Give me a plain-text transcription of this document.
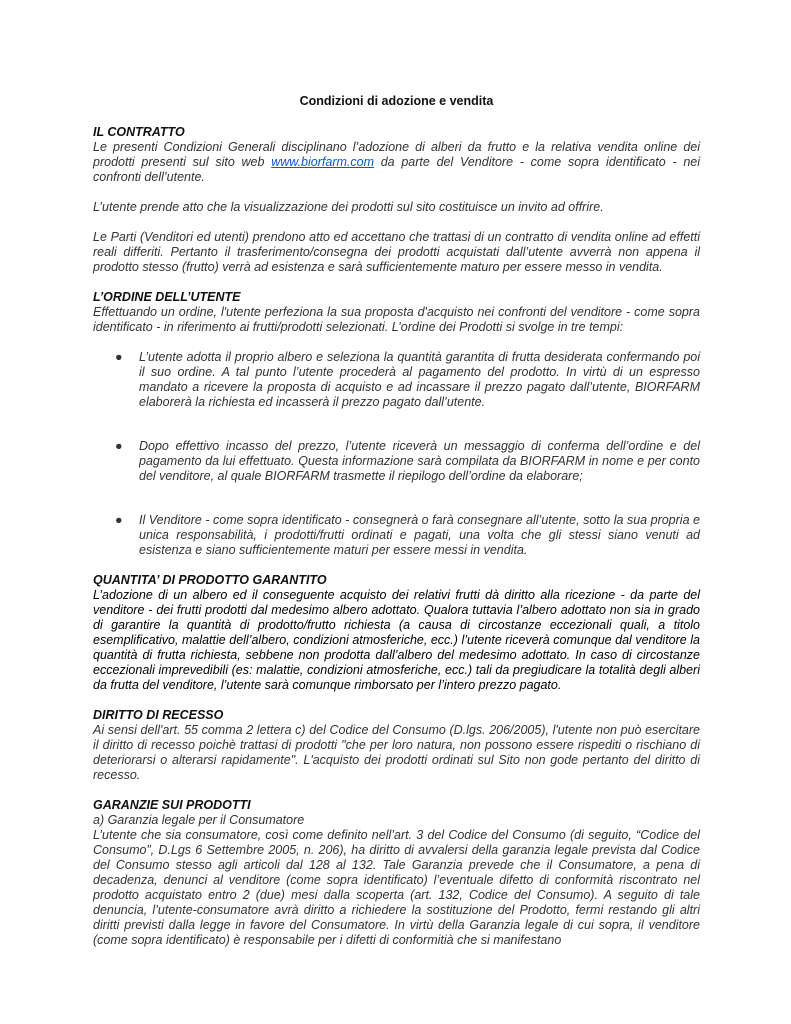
Condizioni di adozione e vendita
IL CONTRATTO

Le presenti Condizioni Generali disciplinano l’adozione di alberi da frutto e la relativa vendita online dei prodotti presenti sul sito web www.biorfarm.com da parte del Venditore - come sopra identificato - nei confronti dell’utente.

L’utente prende atto che la visualizzazione dei prodotti sul sito costituisce un invito ad offrire.

Le Parti (Venditori ed utenti) prendono atto ed accettano che trattasi di un contratto di vendita online ad effetti reali differiti. Pertanto il trasferimento/consegna dei prodotti acquistati dall’utente avverrà non appena il prodotto stesso (frutto) verrà ad esistenza e sarà sufficientemente maturo per essere messo in vendita.

L’ORDINE DELL’UTENTE

Effettuando un ordine, l'utente perfeziona la sua proposta d'acquisto nei confronti del venditore - come sopra identificato - in riferimento ai frutti/prodotti selezionati. L’ordine dei Prodotti si svolge in tre tempi:

● L’utente adotta il proprio albero e seleziona la quantità garantita di frutta desiderata confermando poi il suo ordine. A tal punto l’utente procederà al pagamento del prodotto. In virtù di un espresso mandato a ricevere la proposta di acquisto e ad incassare il prezzo pagato dall’utente, BIORFARM elaborerà la richiesta ed incasserà il prezzo pagato dall’utente.
● Dopo effettivo incasso del prezzo, l’utente riceverà un messaggio di conferma dell’ordine e del pagamento da lui effettuato. Questa informazione sarà compilata da BIORFARM in nome e per conto del venditore, al quale BIORFARM trasmette il riepilogo dell’ordine da elaborare;
● Il Venditore - come sopra identificato - consegnerà o farà consegnare all’utente, sotto la sua propria e unica responsabilità, i prodotti/frutti ordinati e pagati, una volta che gli stessi siano venuti ad esistenza e siano sufficientemente maturi per essere messi in vendita.
QUANTITA’ DI PRODOTTO GARANTITO

L’adozione di un albero ed il conseguente acquisto dei relativi frutti dà diritto alla ricezione - da parte del venditore - dei frutti prodotti dal medesimo albero adottato. Qualora tuttavia l’albero adottato non sia in grado di garantire la quantità di prodotto/frutto richiesta (a causa di circostanze eccezionali quali, a titolo esemplificativo, malattie dell’albero, condizioni atmosferiche, ecc.) l’utente riceverà comunque dal venditore la quantità di frutta richiesta, sebbene non prodotta dall’albero del medesimo adottato. In caso di circostanze eccezionali imprevedibili (es: malattie, condizioni atmosferiche, ecc.) tali da pregiudicare la totalità degli alberi da frutta del venditore, l’utente sarà comunque rimborsato per l’intero prezzo pagato.

DIRITTO DI RECESSO

Ai sensi dell'art. 55 comma 2 lettera c) del Codice del Consumo (D.lgs. 206/2005), l'utente non può esercitare il diritto di recesso poichè trattasi di prodotti "che per loro natura, non possono essere rispediti o rischiano di deteriorarsi o alterarsi rapidamente". L'acquisto dei prodotti ordinati sul Sito non gode pertanto del diritto di recesso.

GARANZIE SUI PRODOTTI

a) Garanzia legale per il Consumatore

L’utente che sia consumatore, così come definito nell’art. 3 del Codice del Consumo (di seguito, “Codice del Consumo”, D.Lgs 6 Settembre 2005, n. 206), ha diritto di avvalersi della garanzia legale prevista dal Codice del Consumo stesso agli articoli dal 128 al 132. Tale Garanzia prevede che il Consumatore, a pena di decadenza, denunci al venditore (come sopra identificato) l’eventuale difetto di conformità riscontrato nel prodotto acquistato entro 2 (due) mesi dalla scoperta (art. 132, Codice del Consumo). A seguito di tale denuncia, l’utente-consumatore avrà diritto a richiedere la sostituzione del Prodotto, fermi restando gli altri diritti previsti dalla legge in favore del Consumatore. In virtù della Garanzia legale di cui sopra, il venditore (come sopra identificato) è responsabile per i difetti di conformitià che si manifestano
